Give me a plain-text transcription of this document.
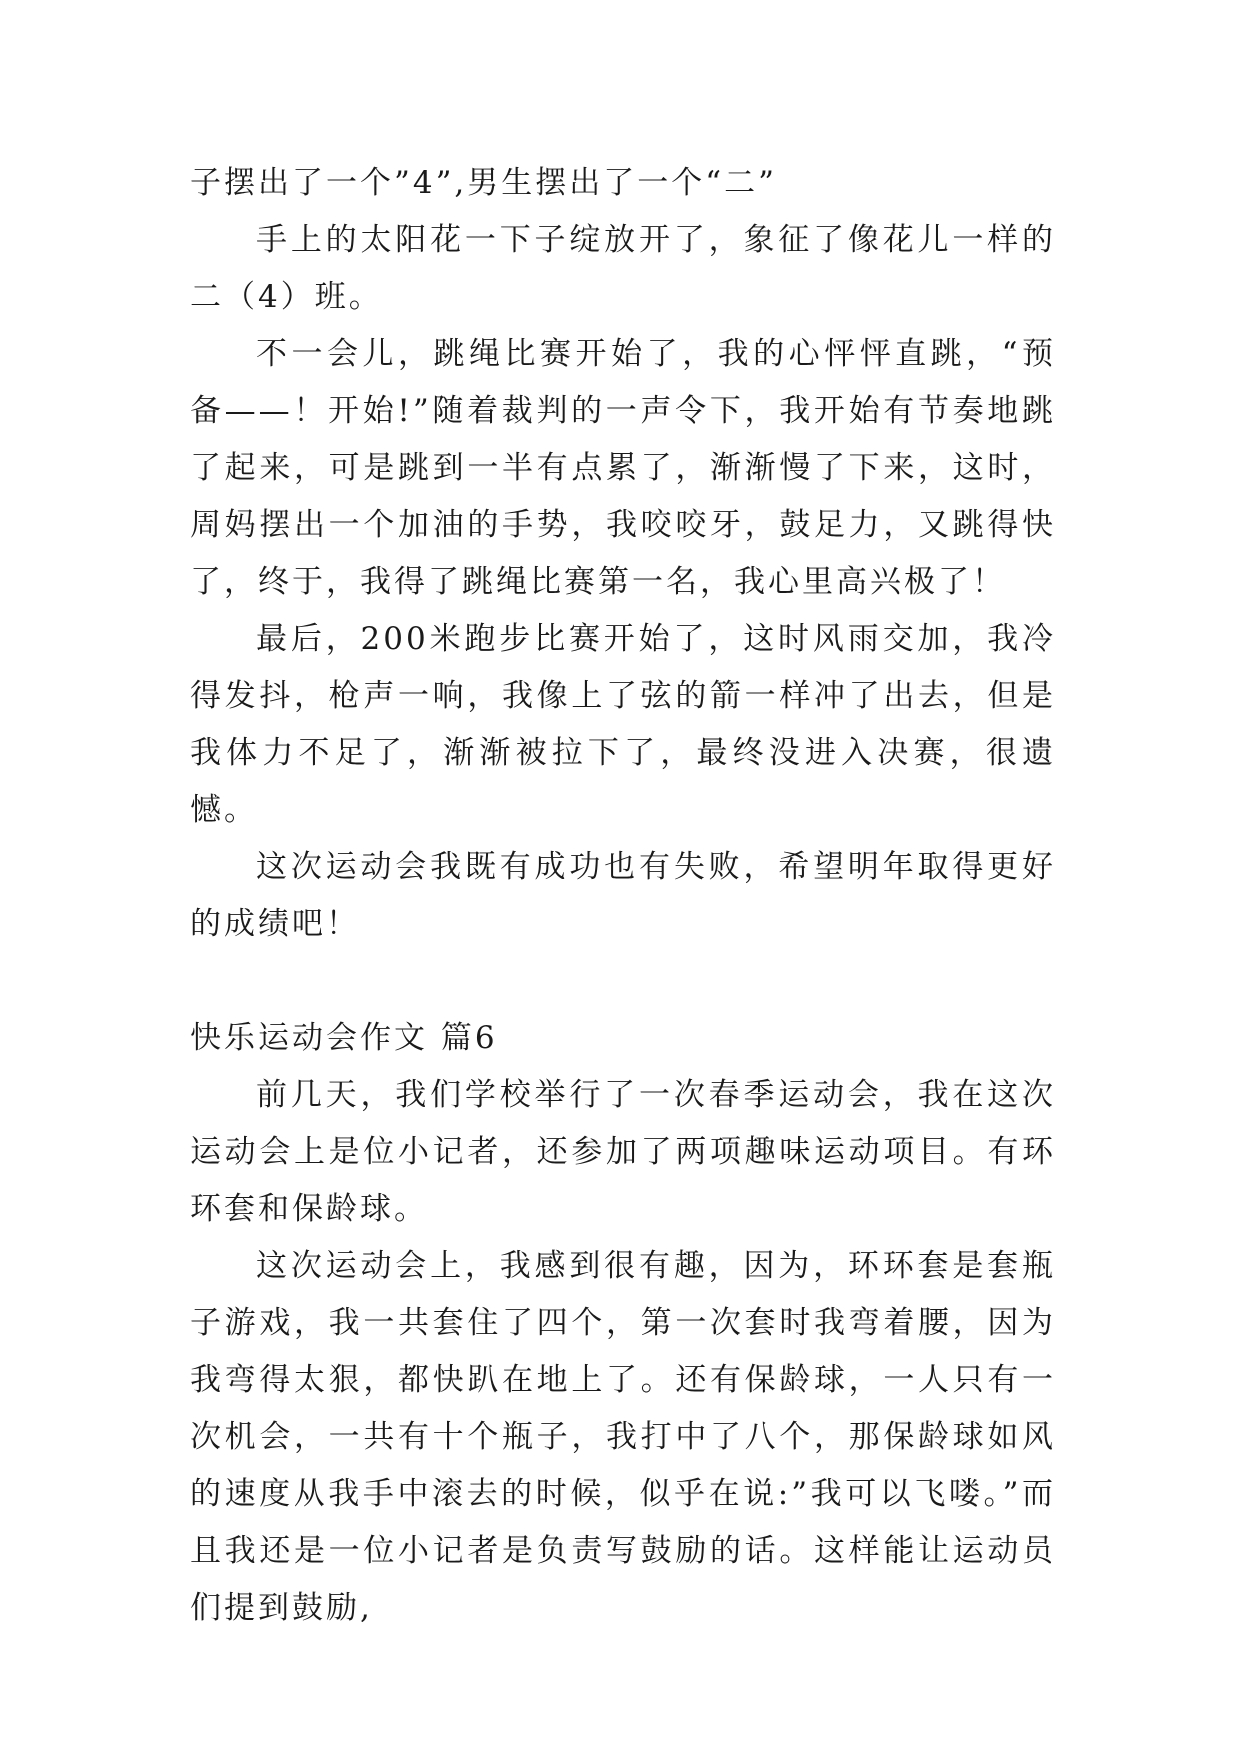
子摆出了一个”4”,男生摆出了一个“二”

手上的太阳花一下子绽放开了，象征了像花儿一样的二（4）班。

不一会儿，跳绳比赛开始了，我的心怦怦直跳，“预备——！开始!”随着裁判的一声令下，我开始有节奏地跳了起来，可是跳到一半有点累了，渐渐慢了下来，这时，周妈摆出一个加油的手势，我咬咬牙，鼓足力，又跳得快了，终于，我得了跳绳比赛第一名，我心里高兴极了！

最后，200米跑步比赛开始了，这时风雨交加，我冷得发抖，枪声一响，我像上了弦的箭一样冲了出去，但是我体力不足了，渐渐被拉下了，最终没进入决赛，很遗憾。

这次运动会我既有成功也有失败，希望明年取得更好的成绩吧！

快乐运动会作文 篇6

前几天，我们学校举行了一次春季运动会，我在这次运动会上是位小记者，还参加了两项趣味运动项目。有环环套和保龄球。

这次运动会上，我感到很有趣，因为，环环套是套瓶子游戏，我一共套住了四个，第一次套时我弯着腰，因为我弯得太狠，都快趴在地上了。还有保龄球，一人只有一次机会，一共有十个瓶子，我打中了八个，那保龄球如风的速度从我手中滚去的时候，似乎在说:”我可以飞喽。”而且我还是一位小记者是负责写鼓励的话。这样能让运动员们提到鼓励,
